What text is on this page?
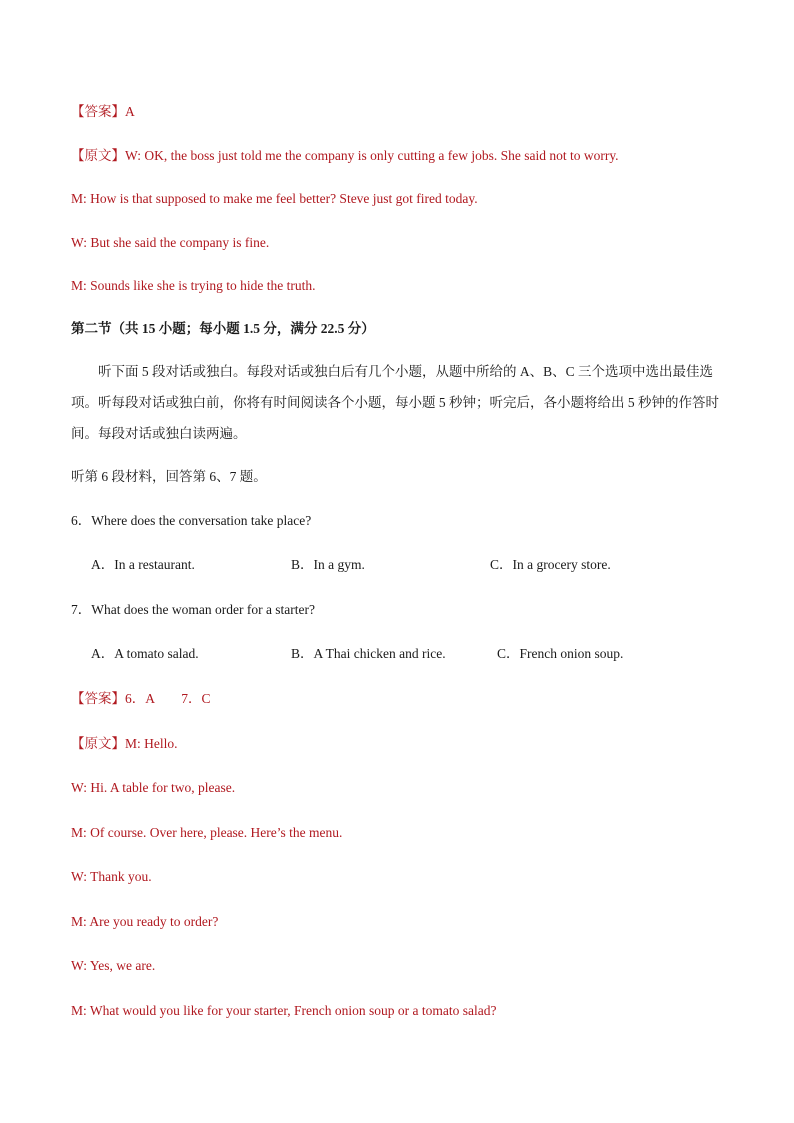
【答案】A
【原文】W: OK, the boss just told me the company is only cutting a few jobs. She said not to worry.
M: How is that supposed to make me feel better? Steve just got fired today.
W: But she said the company is fine.
M: Sounds like she is trying to hide the truth.
第二节（共 15 小题；每小题 1.5 分，满分 22.5 分）
听下面 5 段对话或独白。每段对话或独白后有几个小题，从题中所给的 A、B、C 三个选项中选出最佳选项。听每段对话或独白前，你将有时间阅读各个小题，每小题 5 秒钟；听完后，各小题将给出 5 秒钟的作答时间。每段对话或独白读两遍。
听第 6 段材料，回答第 6、7 题。
6．Where does the conversation take place?
A．In a restaurant.	B．In a gym.	C．In a grocery store.
7．What does the woman order for a starter?
A．A tomato salad.	B．A Thai chicken and rice.	C．French onion soup.
【答案】6．A　　7．C
【原文】M: Hello.
W: Hi. A table for two, please.
M: Of course. Over here, please. Here’s the menu.
W: Thank you.
M: Are you ready to order?
W: Yes, we are.
M: What would you like for your starter, French onion soup or a tomato salad?
